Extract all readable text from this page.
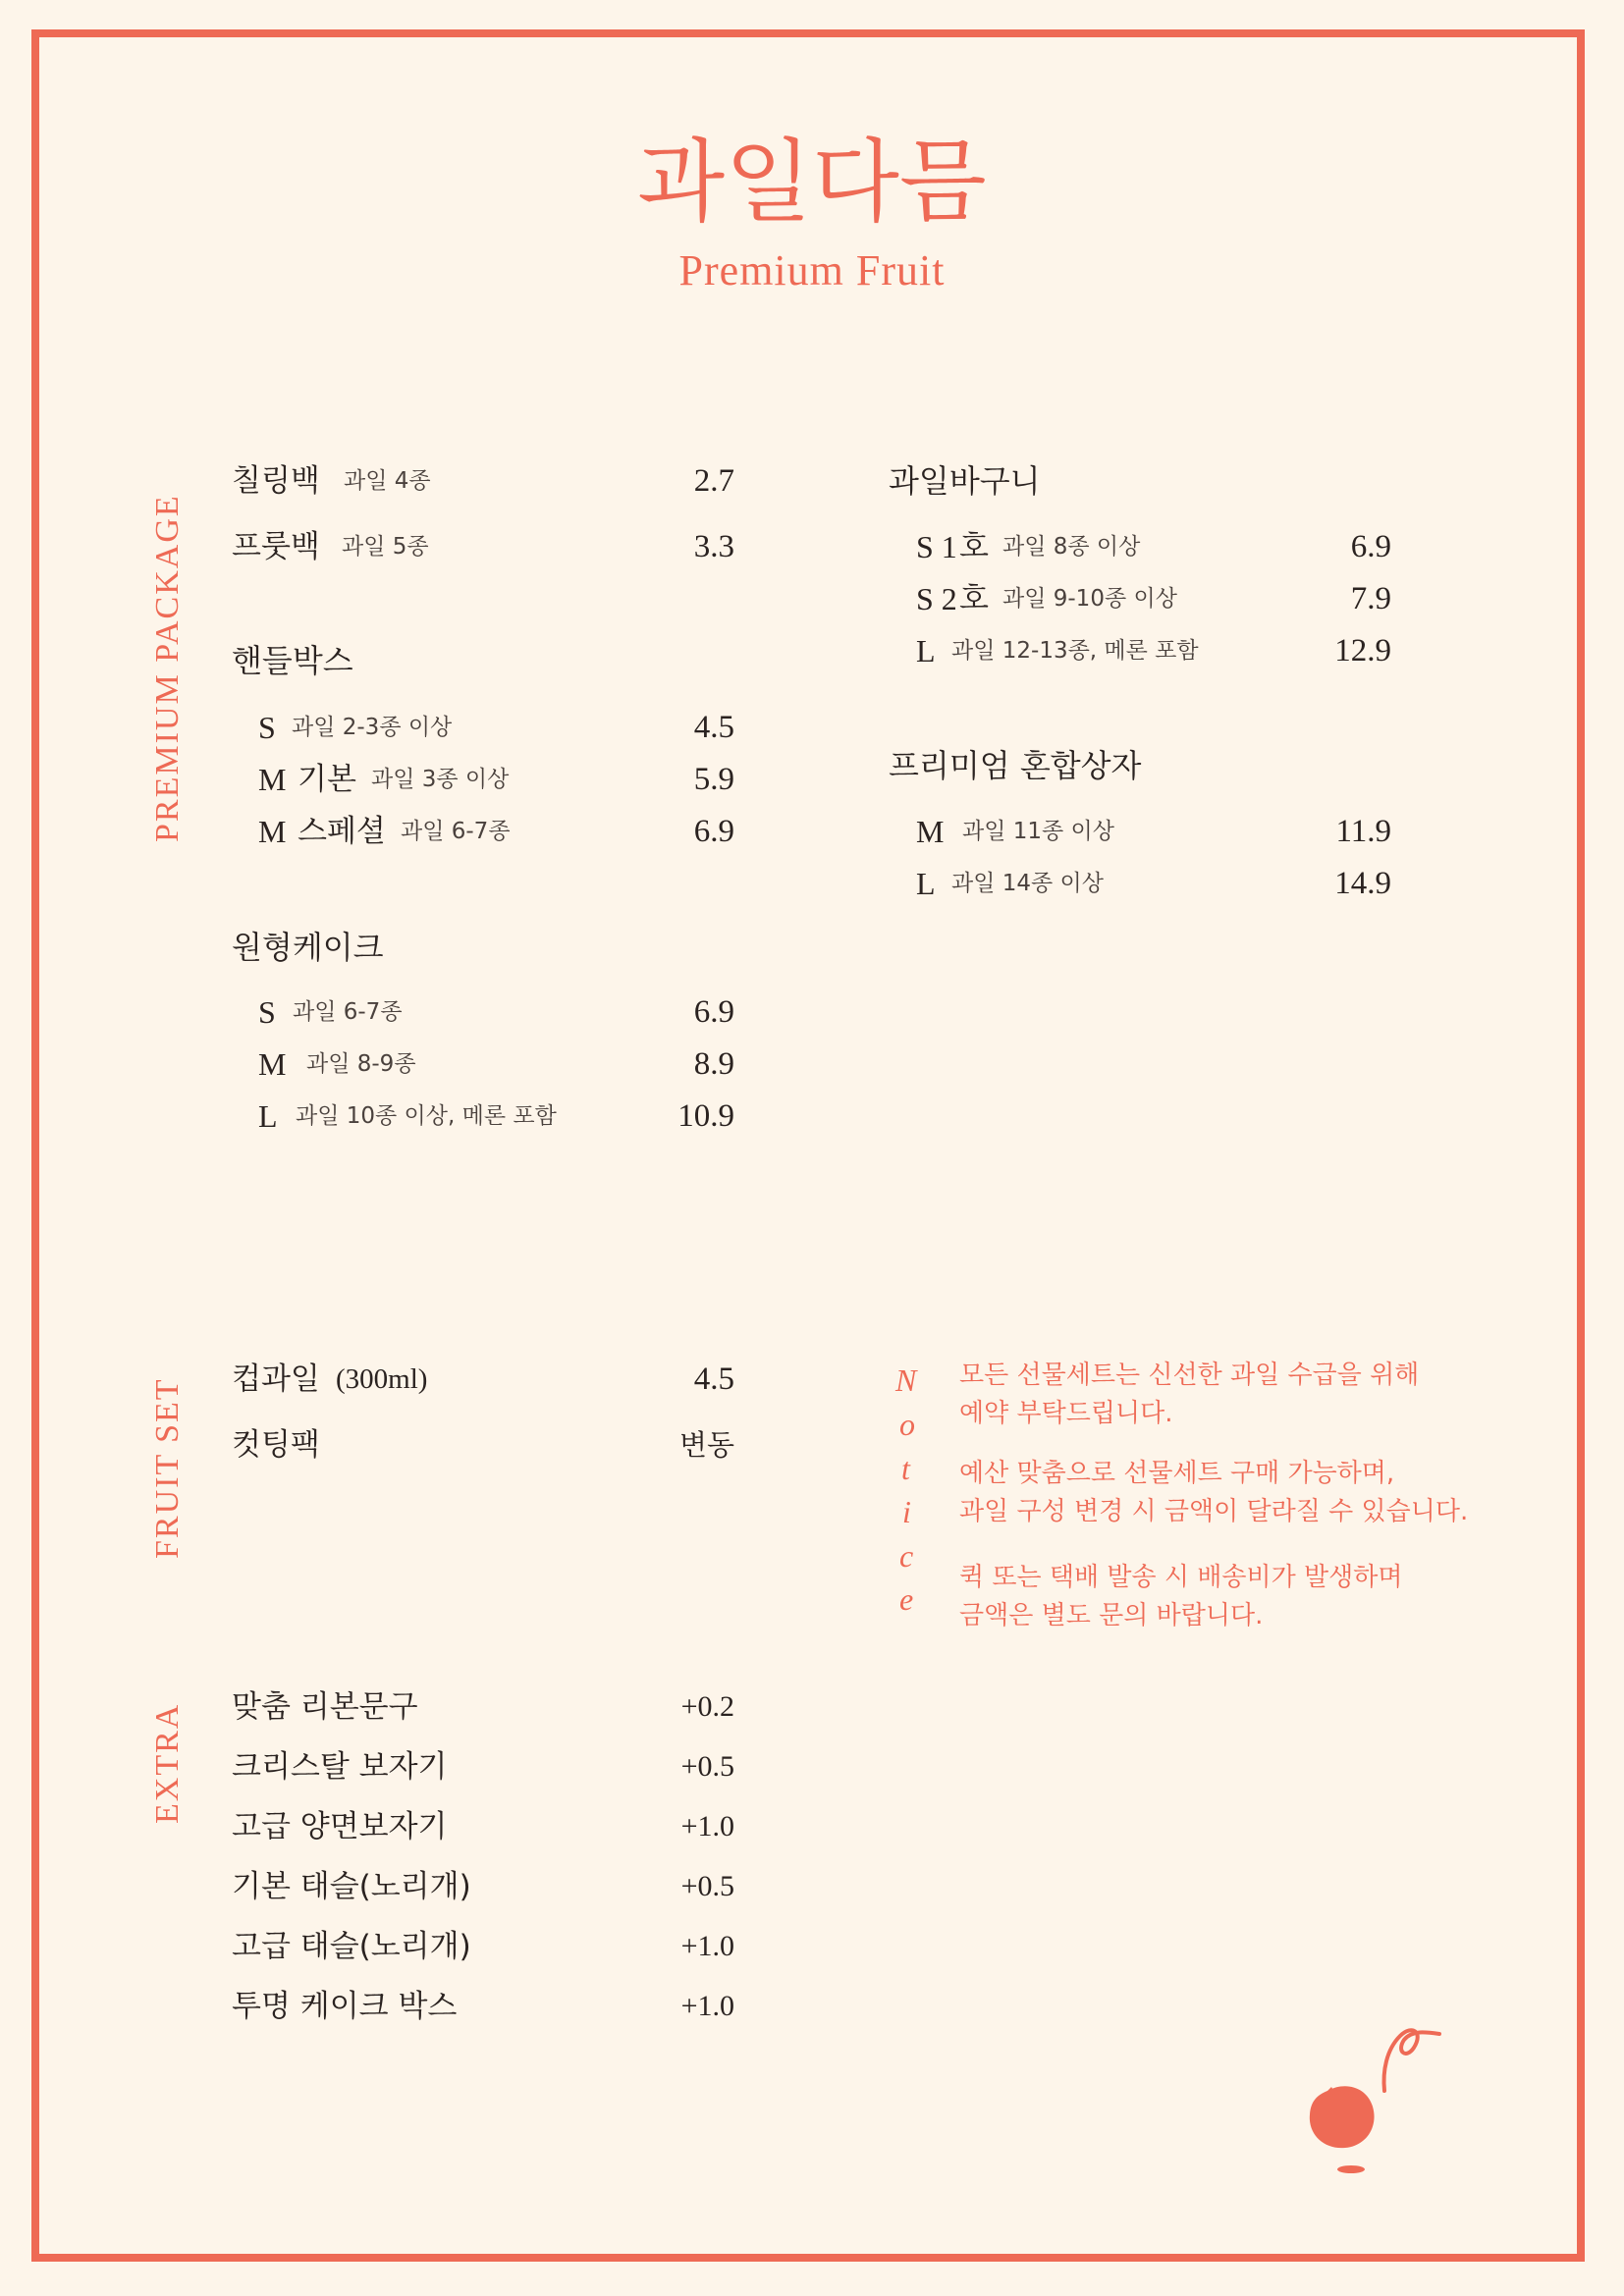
과일다믐
Premium Fruit
PREMIUM PACKAGE
FRUIT SET
EXTRA
칠링백 과일 4종	2.7
프룻백 과일 5종	3.3
핸들박스
S 과일 2-3종 이상	4.5
M 기본 과일 3종 이상	5.9
M 스페셜 과일 6-7종	6.9
원형케이크
S 과일 6-7종	6.9
M 과일 8-9종	8.9
L 과일 10종 이상, 메론 포함	10.9
과일바구니
S 1 호 과일 8종 이상	6.9
S 2 호 과일 9-10종 이상	7.9
L 과일 12-13종, 메론 포함	12.9
프리미엄 혼합상자
M 과일 11종 이상	11.9
L 과일 14종 이상	14.9
컵과일 (300ml)	4.5
컷팅팩	변동
맞춤 리본문구	+0.2
크리스탈 보자기	+0.5
고급 양면보자기	+1.0
기본 태슬(노리개)	+0.5
고급 태슬(노리개)	+1.0
투명 케이크 박스	+1.0
N
o
t
i
c
e
모든 선물세트는 신선한 과일 수급을 위해
예약 부탁드립니다.
예산 맞춤으로 선물세트 구매 가능하며,
과일 구성 변경 시 금액이 달라질 수 있습니다.
퀵 또는 택배 발송 시 배송비가 발생하며
금액은 별도 문의 바랍니다.
